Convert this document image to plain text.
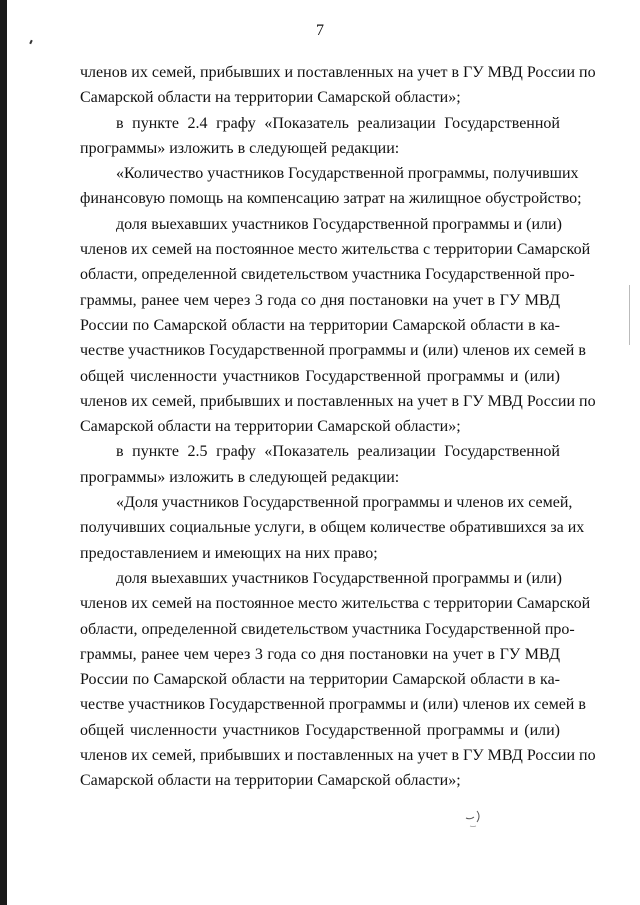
7
членов их семей, прибывших и поставленных на учет в ГУ МВД России по
Самарской области на территории Самарской области»;
в пункте 2.4 графу «Показатель реализации Государственной
программы» изложить в следующей редакции:
«Количество участников Государственной программы, получивших
финансовую помощь на компенсацию затрат на жилищное обустройство;
доля выехавших участников Государственной программы и (или)
членов их семей на постоянное место жительства с территории Самарской
области, определенной свидетельством участника Государственной про-
граммы, ранее чем через 3 года со дня постановки на учет в ГУ МВД
России по Самарской области на территории Самарской области в ка-
честве участников Государственной программы и (или) членов их семей в
общей численности участников Государственной программы и (или)
членов их семей, прибывших и поставленных на учет в ГУ МВД России по
Самарской области на территории Самарской области»;
в пункте 2.5 графу «Показатель реализации Государственной
программы» изложить в следующей редакции:
«Доля участников Государственной программы и членов их семей,
получивших социальные услуги, в общем количестве обратившихся за их
предоставлением и имеющих на них право;
доля выехавших участников Государственной программы и (или)
членов их семей на постоянное место жительства с территории Самарской
области, определенной свидетельством участника Государственной про-
граммы, ранее чем через 3 года со дня постановки на учет в ГУ МВД
России по Самарской области на территории Самарской области в ка-
честве участников Государственной программы и (или) членов их семей в
общей численности участников Государственной программы и (или)
членов их семей, прибывших и поставленных на учет в ГУ МВД России по
Самарской области на территории Самарской области»;
